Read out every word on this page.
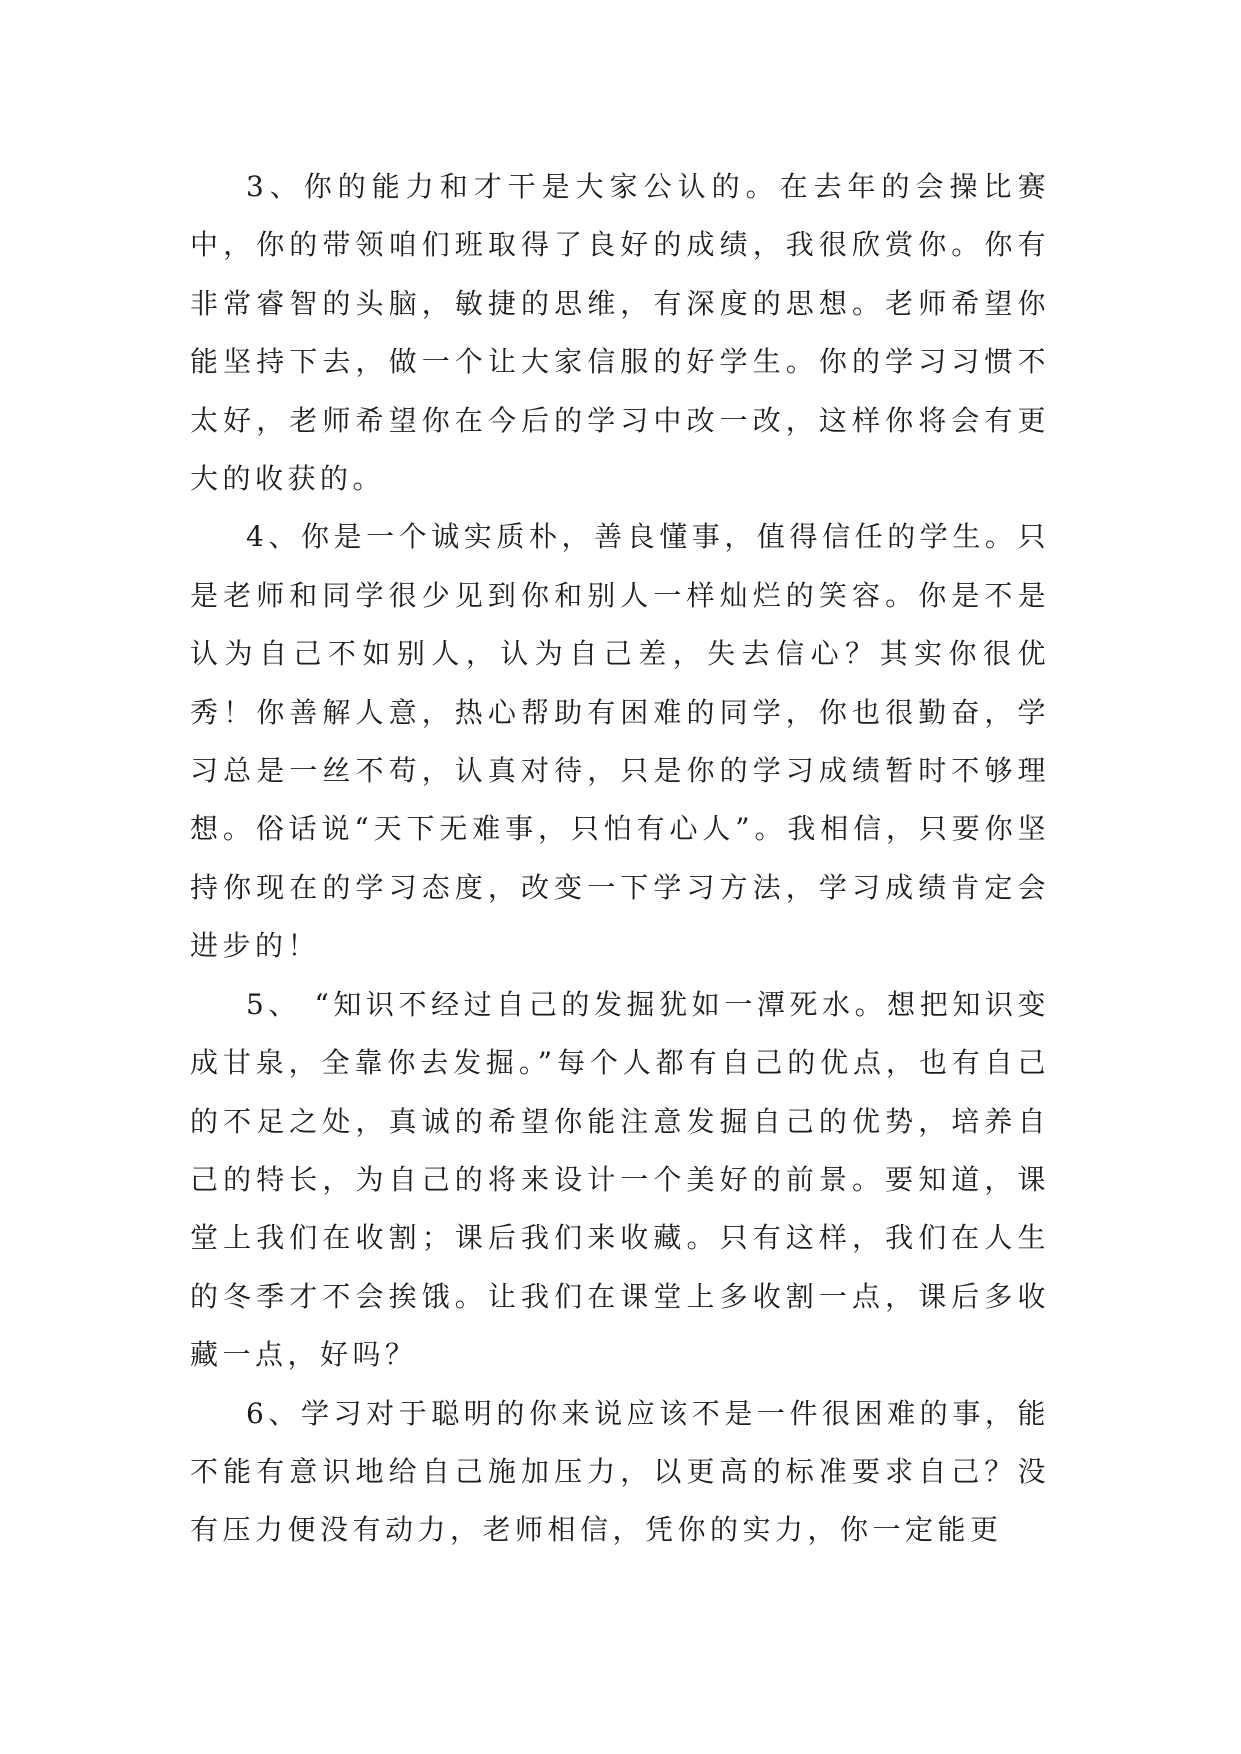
3、你的能力和才干是大家公认的。在去年的会操比赛中，你的带领咱们班取得了良好的成绩，我很欣赏你。你有非常睿智的头脑，敏捷的思维，有深度的思想。老师希望你能坚持下去，做一个让大家信服的好学生。你的学习习惯不太好，老师希望你在今后的学习中改一改，这样你将会有更大的收获的。

4、你是一个诚实质朴，善良懂事，值得信任的学生。只是老师和同学很少见到你和别人一样灿烂的笑容。你是不是认为自己不如别人，认为自己差，失去信心？其实你很优秀！你善解人意，热心帮助有困难的同学，你也很勤奋，学习总是一丝不苟，认真对待，只是你的学习成绩暂时不够理想。俗话说“天下无难事，只怕有心人”。我相信，只要你坚持你现在的学习态度，改变一下学习方法，学习成绩肯定会进步的！

5、 “知识不经过自己的发掘犹如一潭死水。想把知识变成甘泉，全靠你去发掘。”每个人都有自己的优点，也有自己的不足之处，真诚的希望你能注意发掘自己的优势，培养自己的特长，为自己的将来设计一个美好的前景。要知道，课堂上我们在收割；课后我们来收藏。只有这样，我们在人生的冬季才不会挨饿。让我们在课堂上多收割一点，课后多收藏一点，好吗？

6、学习对于聪明的你来说应该不是一件很困难的事，能不能有意识地给自己施加压力，以更高的标准要求自己？没有压力便没有动力，老师相信，凭你的实力，你一定能更
